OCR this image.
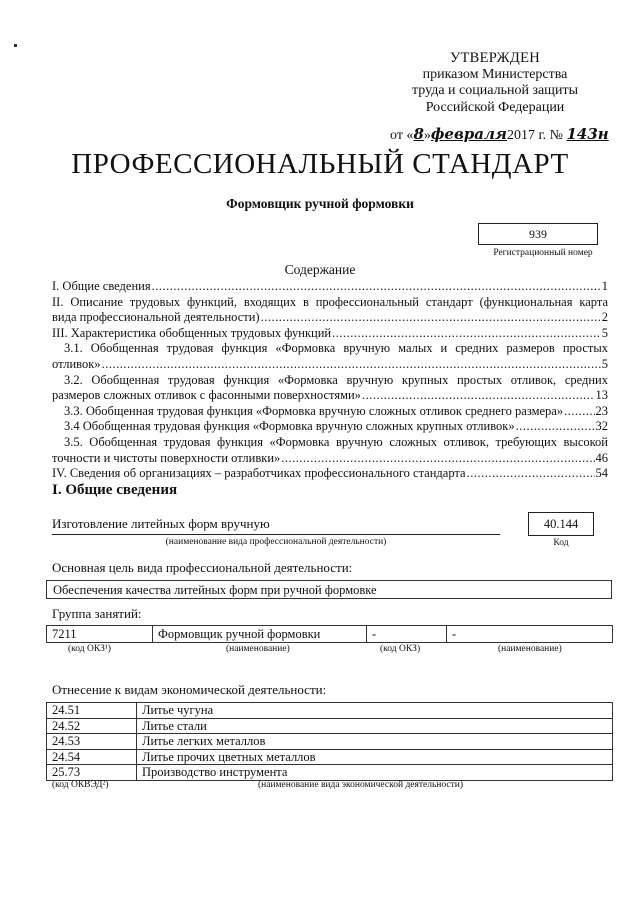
УТВЕРЖДЕН
приказом Министерства
труда и социальной защиты
Российской Федерации
от «8»февраля2017 г. № 143н
ПРОФЕССИОНАЛЬНЫЙ СТАНДАРТ
Формовщик ручной формовки
939
Регистрационный номер
Содержание
I. Общие сведения .....	1
II. Описание трудовых функций, входящих в профессиональный стандарт (функциональная карта
вида профессиональной деятельности) .....	2
III. Характеристика обобщенных трудовых функций .....	5
3.1. Обобщенная трудовая функция «Формовка вручную малых и средних размеров простых
отливок» .....	5
3.2. Обобщенная трудовая функция «Формовка вручную крупных простых отливок, средних
размеров сложных отливок с фасонными поверхностями» .....	13
3.3. Обобщенная трудовая функция «Формовка вручную сложных отливок среднего размера» .....	23
3.4 Обобщенная трудовая функция «Формовка вручную сложных крупных отливок» .....	32
3.5. Обобщенная трудовая функция «Формовка вручную сложных отливок, требующих высокой
точности и чистоты поверхности отливки» .....	46
IV. Сведения об организациях – разработчиках профессионального стандарта .....	54
I. Общие сведения
Изготовление литейных форм вручную
(наименование вида профессиональной деятельности)
40.144
Код
Основная цель вида профессиональной деятельности:
Обеспечения качества литейных форм при ручной формовке
Группа занятий:
7211	Формовщик ручной формовки	-	-
(код ОКЗ¹)	(наименование)	(код ОКЗ)	(наименование)
Отнесение к видам экономической деятельности:
24.51	Литье чугуна
24.52	Литье стали
24.53	Литье легких металлов
24.54	Литье прочих цветных металлов
25.73	Производство инструмента
(код ОКВЭД²)	(наименование вида экономической деятельности)
